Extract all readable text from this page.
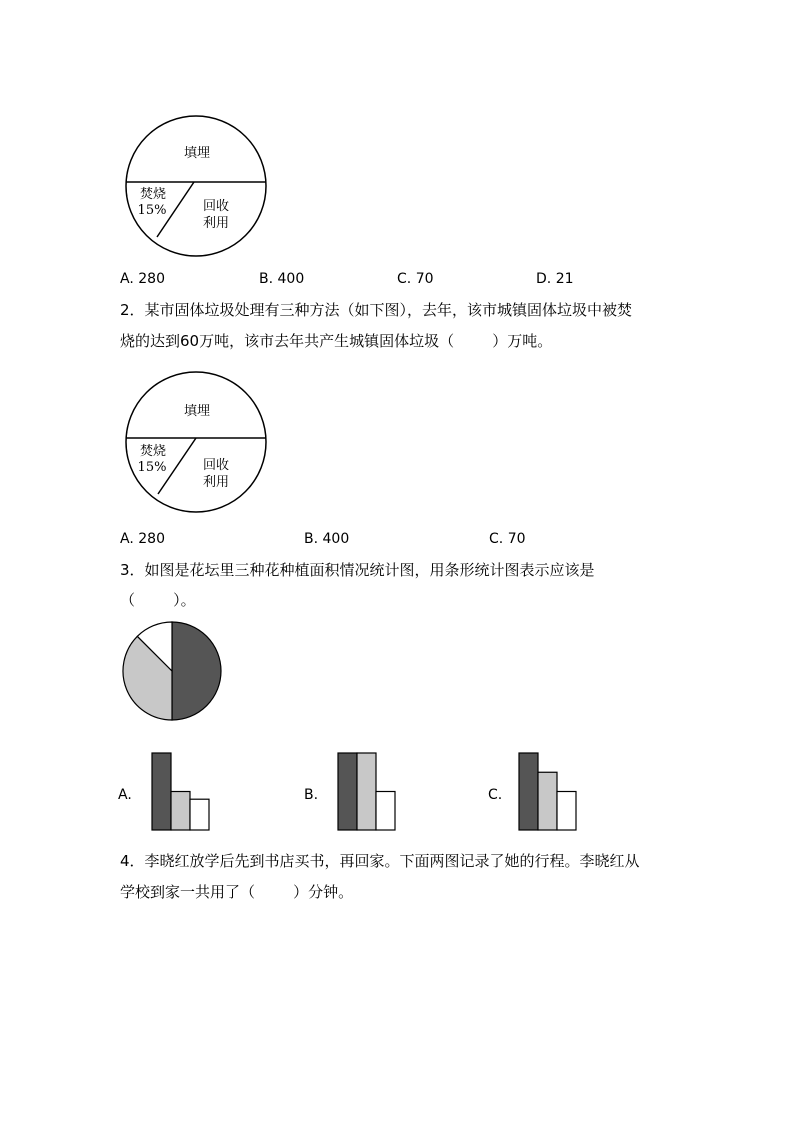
填埋
焚烧
15%	回收
利用
A. 280	B. 400	C. 70	D. 21
2．某市固体垃圾处理有三种方法（如下图），去年，该市城镇固体垃圾中被焚
烧的达到60万吨，该市去年共产生城镇固体垃圾（        ）万吨。
填埋
焚烧
15%	回收
利用
A. 280	B. 400	C. 70
3．如图是花坛里三种花种植面积情况统计图，用条形统计图表示应该是
（        ）。
A.	B.	C.
4．李晓红放学后先到书店买书，再回家。下面两图记录了她的行程。李晓红从
学校到家一共用了（        ）分钟。
